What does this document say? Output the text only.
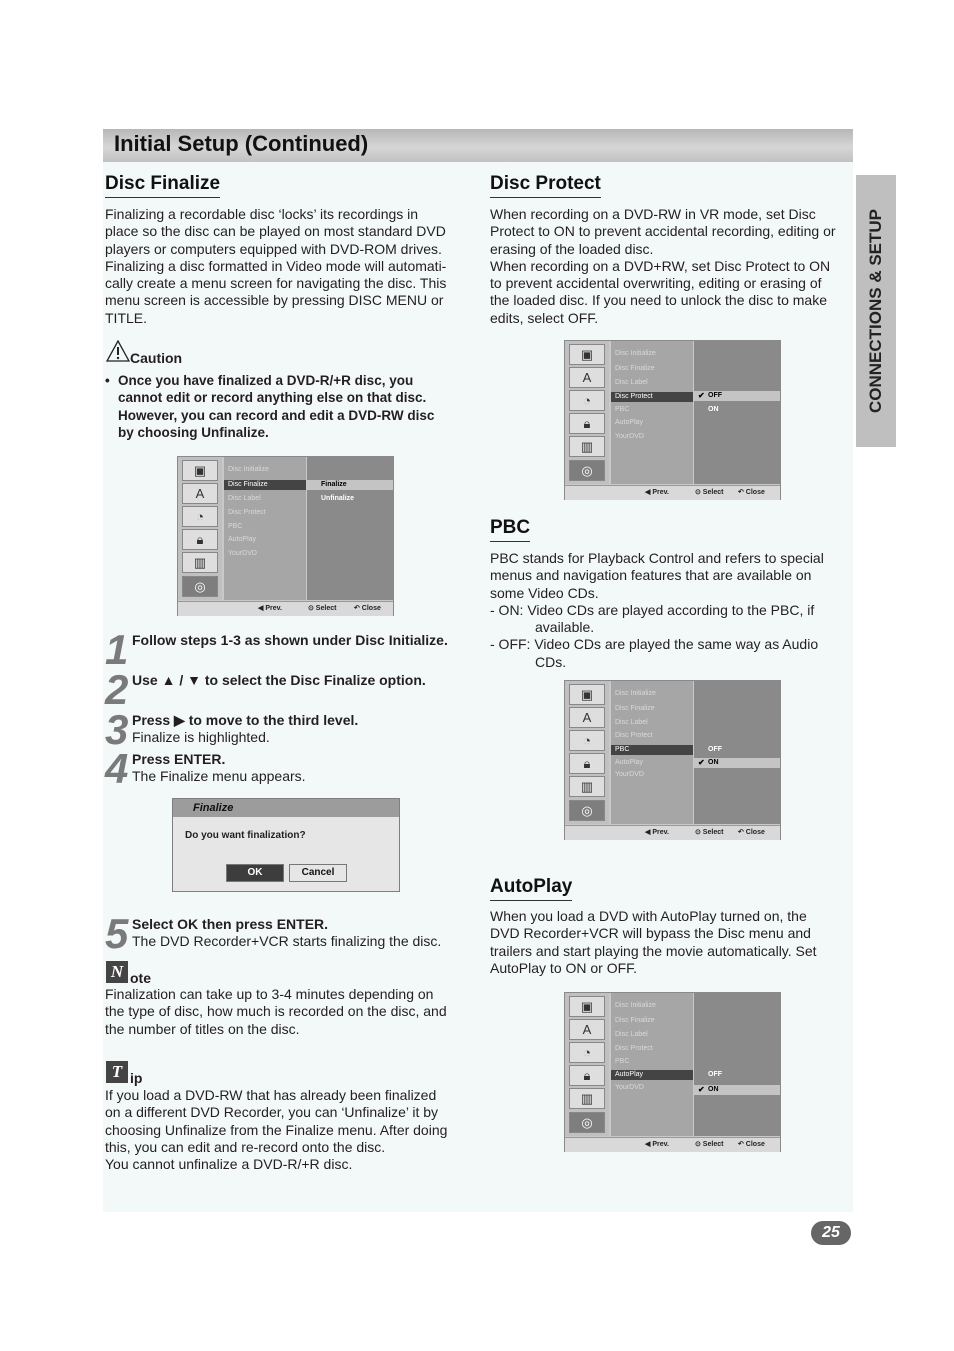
Initial Setup (Continued)
CONNECTIONS & SETUP
Disc Finalize
Finalizing a recordable disc ‘locks’ its recordings in
place so the disc can be played on most standard DVD
players or computers equipped with DVD-ROM drives.
Finalizing a disc formatted in Video mode will automati-
cally create a menu screen for navigating the disc. This
menu screen is accessible by pressing DISC MENU or
TITLE.
Caution
• Once you have finalized a DVD-R/+R disc, you
cannot edit or record anything else on that disc.
However, you can record and edit a DVD-RW disc
by choosing Unfinalize.
▣
A
◔
🔒︎
▥
◎
Disc Initialize
Disc Finalize
Disc Label
Disc Protect
PBC
AutoPlay
YourDVD
Finalize
Unfinalize
◀ Prev.	⊙ Select	↶ Close
1 Follow steps 1-3 as shown under Disc Initialize.
2 Use ▲ / ▼ to select the Disc Finalize option.
3 Press ▶ to move to the third level.
Finalize is highlighted.
4 Press ENTER.
The Finalize menu appears.
Finalize
Do you want finalization?
OK	Cancel
5 Select OK then press ENTER.
The DVD Recorder+VCR starts finalizing the disc.
N ote
Finalization can take up to 3-4 minutes depending on
the type of disc, how much is recorded on the disc, and
the number of titles on the disc.
T ip
If you load a DVD-RW that has already been finalized
on a different DVD Recorder, you can ‘Unfinalize’ it by
choosing Unfinalize from the Finalize menu. After doing
this, you can edit and re-record onto the disc.
You cannot unfinalize a DVD-R/+R disc.
Disc Protect
When recording on a DVD-RW in VR mode, set Disc
Protect to ON to prevent accidental recording, editing or
erasing of the loaded disc.
When recording on a DVD+RW, set Disc Protect to ON
to prevent accidental overwriting, editing or erasing of
the loaded disc. If you need to unlock the disc to make
edits, select OFF.
▣
A
◔
🔒︎
▥
◎
Disc Initialize
Disc Finalize
Disc Label
Disc Protect
PBC
AutoPlay
YourDVD
✔ OFF
ON
◀ Prev.	⊙ Select ↶ Close
PBC
PBC stands for Playback Control and refers to special
menus and navigation features that are available on
some Video CDs.
- ON: Video CDs are played according to the PBC, if
available.
- OFF: Video CDs are played the same way as Audio
CDs.
▣
A
◔
🔒︎
▥
◎
Disc Initialize
Disc Finalize
Disc Label
Disc Protect
PBC
AutoPlay
YourDVD
OFF
✔ ON
◀ Prev.	⊙ Select ↶ Close
AutoPlay
When you load a DVD with AutoPlay turned on, the
DVD Recorder+VCR will bypass the Disc menu and
trailers and start playing the movie automatically. Set
AutoPlay to ON or OFF.
▣
A
◔
🔒︎
▥
◎
Disc Initialize
Disc Finalize
Disc Label
Disc Protect
PBC
AutoPlay
YourDVD
OFF
✔ ON
◀ Prev.	⊙ Select ↶ Close
25
